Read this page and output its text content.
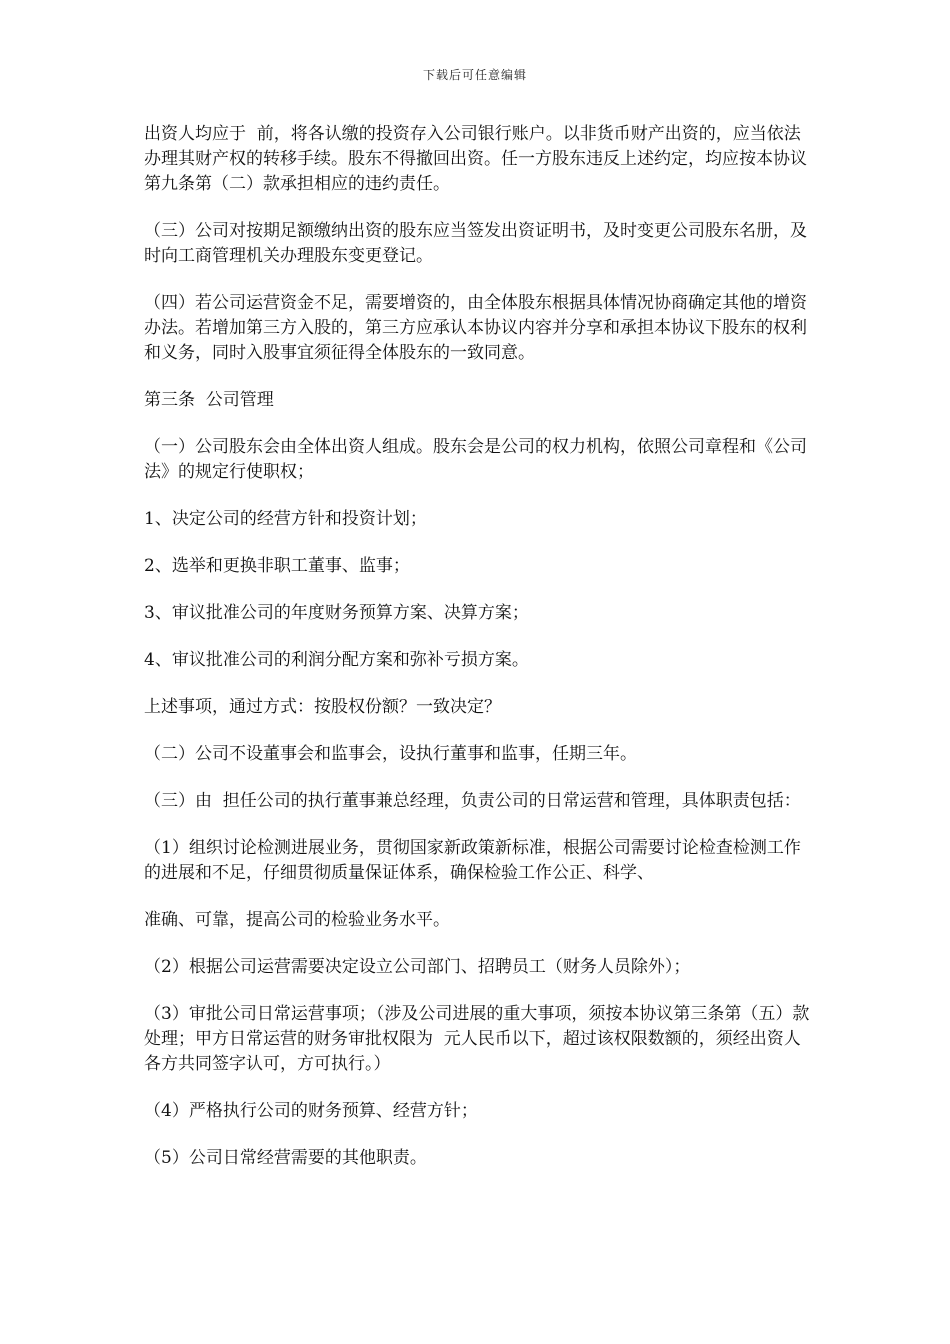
下载后可任意编辑

出资人均应于  前，将各认缴的投资存入公司银行账户。以非货币财产出资的，应当依法办理其财产权的转移手续。股东不得撤回出资。任一方股东违反上述约定，均应按本协议第九条第（二）款承担相应的违约责任。

（三）公司对按期足额缴纳出资的股东应当签发出资证明书，及时变更公司股东名册，及时向工商管理机关办理股东变更登记。

（四）若公司运营资金不足，需要增资的，由全体股东根据具体情况协商确定其他的增资办法。若增加第三方入股的，第三方应承认本协议内容并分享和承担本协议下股东的权利和义务，同时入股事宜须征得全体股东的一致同意。

第三条  公司管理

（一）公司股东会由全体出资人组成。股东会是公司的权力机构，依照公司章程和《公司法》的规定行使职权；

1、决定公司的经营方针和投资计划；

2、选举和更换非职工董事、监事；

3、审议批准公司的年度财务预算方案、决算方案；

4、审议批准公司的利润分配方案和弥补亏损方案。

上述事项，通过方式：按股权份额？一致决定？

（二）公司不设董事会和监事会，设执行董事和监事，任期三年。

（三）由  担任公司的执行董事兼总经理，负责公司的日常运营和管理，具体职责包括：

（1）组织讨论检测进展业务，贯彻国家新政策新标准，根据公司需要讨论检查检测工作的进展和不足，仔细贯彻质量保证体系，确保检验工作公正、科学、

准确、可靠，提高公司的检验业务水平。

（2）根据公司运营需要决定设立公司部门、招聘员工（财务人员除外）；

（3）审批公司日常运营事项；（涉及公司进展的重大事项，须按本协议第三条第（五）款处理；甲方日常运营的财务审批权限为  元人民币以下，超过该权限数额的，须经出资人各方共同签字认可，方可执行。）

（4）严格执行公司的财务预算、经营方针；

（5）公司日常经营需要的其他职责。
